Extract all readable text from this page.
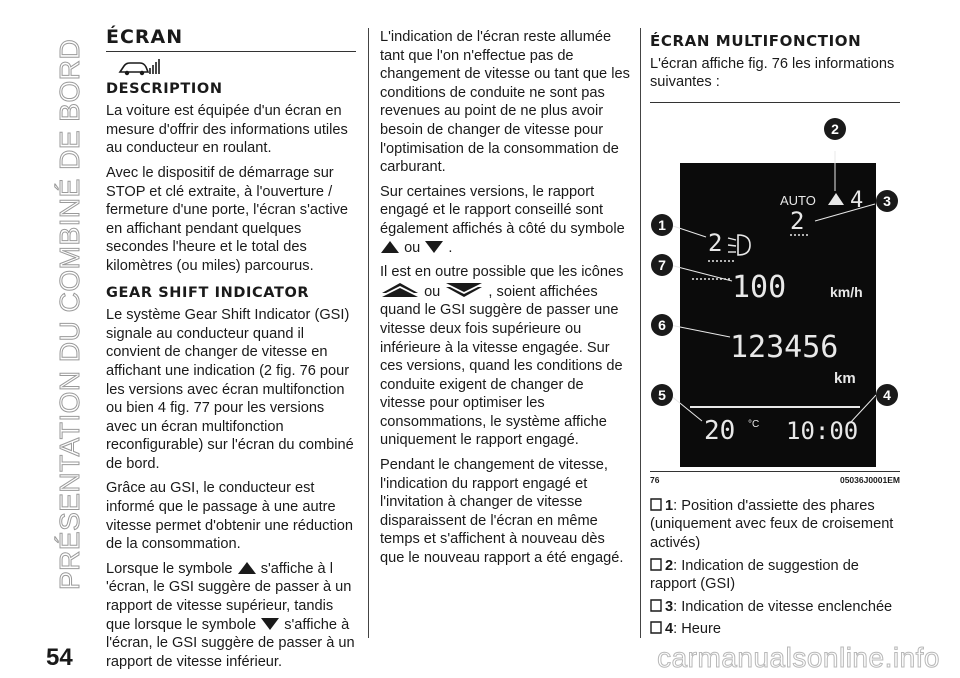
PRÉSENTATION DU COMBINÉ DE BORD
54
ÉCRAN
DESCRIPTION

La voiture est équipée d'un écran en mesure d'offrir des informations utiles au conducteur en roulant.

Avec le dispositif de démarrage sur STOP et clé extraite, à l'ouverture / fermeture d'une porte, l'écran s'active en affichant pendant quelques secondes l'heure et le total des kilomètres (ou miles) parcourus.

GEAR SHIFT INDICATOR

Le système Gear Shift Indicator (GSI) signale au conducteur quand il convient de changer de vitesse en affichant une indication (2 fig. 76 pour les versions avec écran multifonction ou bien 4 fig. 77 pour les versions avec un écran multifonction reconfigurable) sur l'écran du combiné de bord.

Grâce au GSI, le conducteur est informé que le passage à une autre vitesse permet d'obtenir une réduction de la consommation.

Lorsque le symbole s'affiche à l 'écran, le GSI suggère de passer à un rapport de vitesse supérieur, tandis que lorsque le symbole s'affiche à l'écran, le GSI suggère de passer à un rapport de vitesse inférieur.

L'indication de l'écran reste allumée tant que l'on n'effectue pas de changement de vitesse ou tant que les conditions de conduite ne sont pas revenues au point de ne plus avoir besoin de changer de vitesse pour l'optimisation de la consommation de carburant.

Sur certaines versions, le rapport engagé et le rapport conseillé sont également affichés à côté du symbole
ou .

Il est en outre possible que les icônes
ou	, soient affichées quand le GSI suggère de passer une vitesse deux fois supérieure ou inférieure à la vitesse engagée. Sur ces versions, quand les conditions de conduite exigent de changer de vitesse pour optimiser les consommations, le système affiche uniquement le rapport engagé.

Pendant le changement de vitesse, l'indication du rapport engagé et l'invitation à changer de vitesse disparaissent de l'écran en même temps et s'affichent à nouveau dès que le nouveau rapport a été engagé.

ÉCRAN MULTIFONCTION

L'écran affiche fig. 76 les informations suivantes :

AUTO 4
2
2
100	km/h
123456
km
20 °C 10:00
2
3
1
7
6
5	4
76	05036J0001EM
1: Position d'assiette des phares (uniquement avec feux de croisement activés)
2: Indication de suggestion de rapport (GSI)
3: Indication de vitesse enclenchée
4: Heure
carmanualsonline.info
